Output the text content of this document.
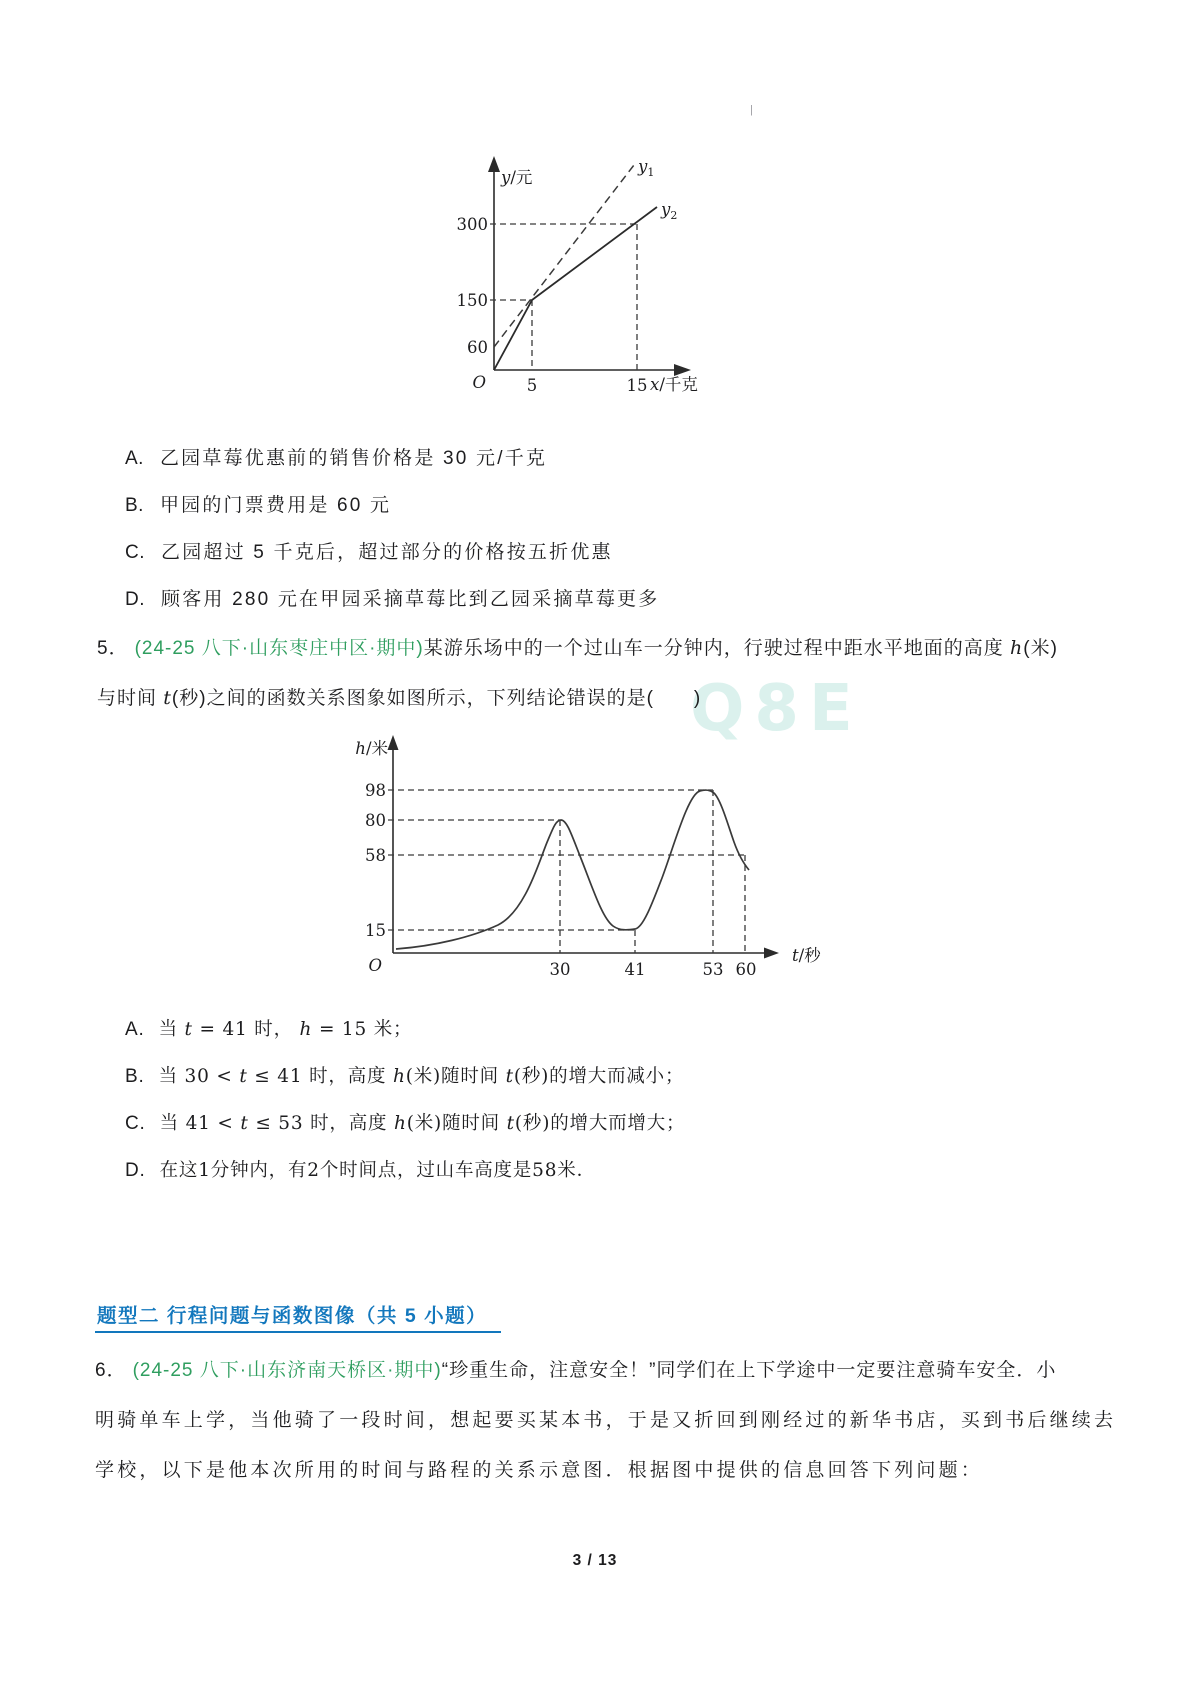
|
Q8E
y/元
300
150
60
O 5	15 x/千克
$y_1$
$y_2$
A. 乙园草莓优惠前的销售价格是 30 元/千克
B. 甲园的门票费用是 60 元
C. 乙园超过 5 千克后，超过部分的价格按五折优惠
D. 顾客用 280 元在甲园采摘草莓比到乙园采摘草莓更多
5． (24-25 八下·山东枣庄中区·期中)某游乐场中的一个过山车一分钟内，行驶过程中距水平地面的高度 h(米)
与时间 t(秒)之间的函数关系图象如图所示，下列结论错误的是(　　)
h/米
98
80
58
15
O	30	41	53 60
t/秒
A. 当 t = 41 时， h = 15 米；
B. 当 30 < t ≤ 41 时，高度 h(米)随时间 t(秒)的增大而减小；
C. 当 41 < t ≤ 53 时，高度 h(米)随时间 t(秒)的增大而增大；
D. 在这1分钟内，有2个时间点，过山车高度是58米．
题型二 行程问题与函数图像（共 5 小题）
6． (24-25 八下·山东济南天桥区·期中)“珍重生命，注意安全！”同学们在上下学途中一定要注意骑车安全．小
明骑单车上学，当他骑了一段时间，想起要买某本书，于是又折回到刚经过的新华书店，买到书后继续去
学校，以下是他本次所用的时间与路程的关系示意图．根据图中提供的信息回答下列问题：
3 / 13
